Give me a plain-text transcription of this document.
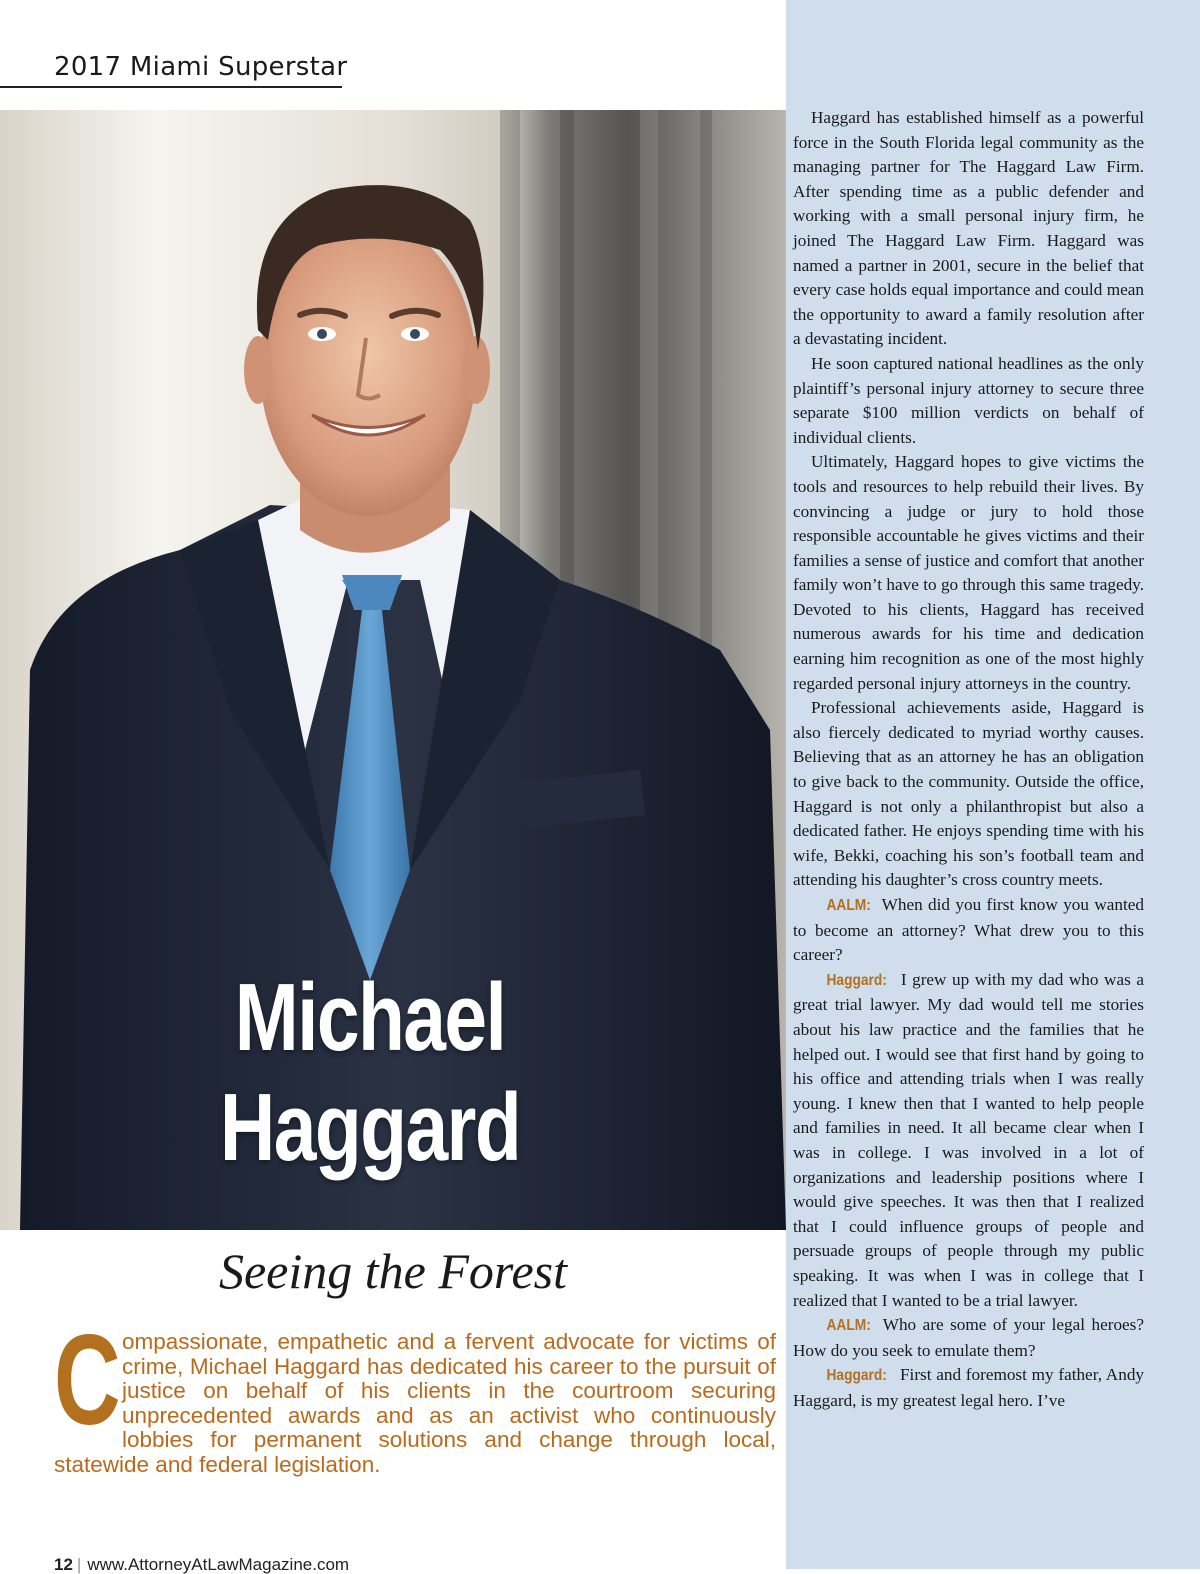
2017 Miami Superstar
Michael
Haggard
Seeing the Forest
Compassionate, empathetic and a fervent advocate for victims of crime, Michael Haggard has dedicated his career to the pursuit of justice on behalf of his clients in the courtroom securing unprecedented awards and as an activist who continuously lobbies for permanent solutions and change through local, statewide and federal legislation.
12 | www.AttorneyAtLawMagazine.com

Haggard has established himself as a powerful force in the South Florida legal community as the managing partner for The Haggard Law Firm. After spending time as a public defender and working with a small personal injury firm, he joined The Haggard Law Firm. Haggard was named a partner in 2001, secure in the belief that every case holds equal importance and could mean the opportunity to award a family resolution after a devastating incident.

He soon captured national headlines as the only plaintiff’s personal injury attorney to secure three separate $100 million verdicts on behalf of individual clients.

Ultimately, Haggard hopes to give victims the tools and resources to help rebuild their lives. By convincing a judge or jury to hold those responsible accountable he gives victims and their families a sense of justice and comfort that another family won’t have to go through this same tragedy. Devoted to his clients, Haggard has received numerous awards for his time and dedication earning him recognition as one of the most highly regarded personal injury attorneys in the country.

Professional achievements aside, Haggard is also fiercely dedicated to myriad worthy causes. Believing that as an attorney he has an obligation to give back to the community. Outside the office, Haggard is not only a philanthropist but also a dedicated father. He enjoys spending time with his wife, Bekki, coaching his son’s football team and attending his daughter’s cross country meets.

AALM: When did you first know you wanted to become an attorney? What drew you to this career?

Haggard: I grew up with my dad who was a great trial lawyer. My dad would tell me stories about his law practice and the families that he helped out. I would see that first hand by going to his office and attending trials when I was really young. I knew then that I wanted to help people and families in need. It all became clear when I was in college. I was involved in a lot of organizations and leadership positions where I would give speeches. It was then that I realized that I could influence groups of people and persuade groups of people through my public speaking. It was when I was in college that I realized that I wanted to be a trial lawyer.

AALM: Who are some of your legal heroes? How do you seek to emulate them?

Haggard: First and foremost my father, Andy Haggard, is my greatest legal hero. I’ve
